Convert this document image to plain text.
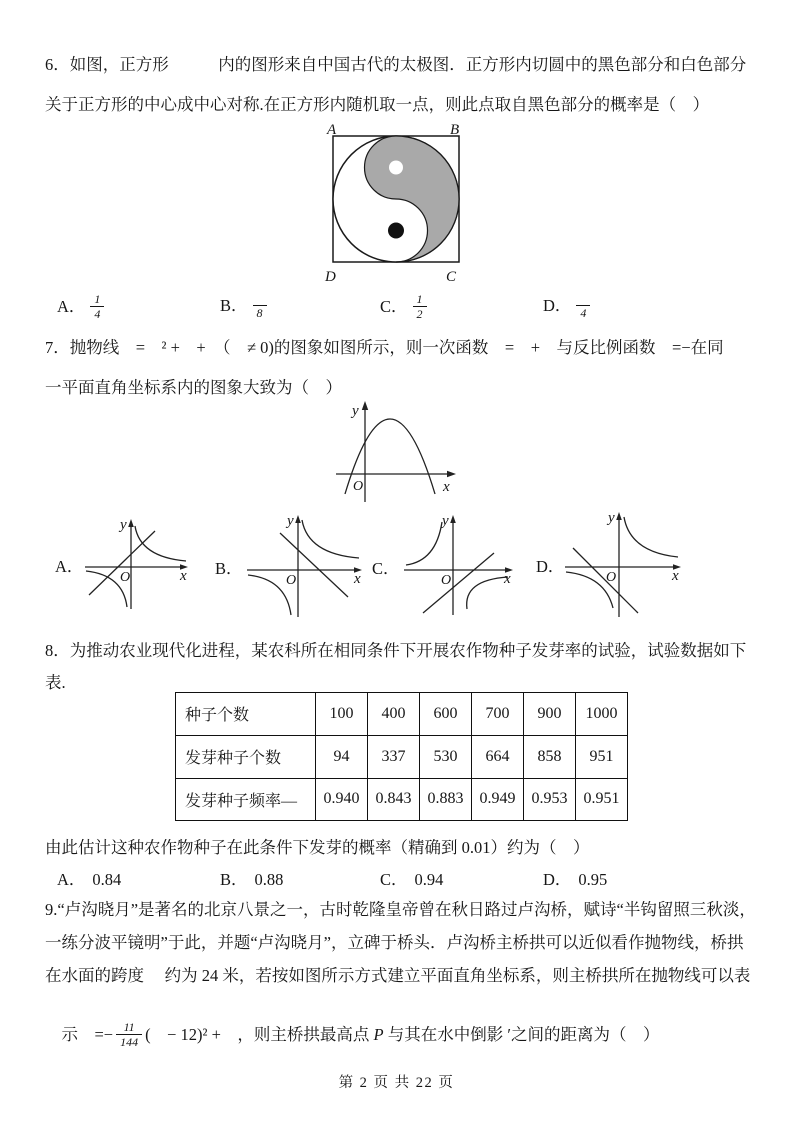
6．如图，正方形　　　内的图形来自中国古代的太极图．正方形内切圆中的黑色部分和白色部分
关于正方形的中心成中心对称.在正方形内随机取一点，则此点取自黑色部分的概率是（　）
A	B
D	C
A． $\frac{1}{4}$	B． 8	C． $\frac{1}{2}$	D． 4
7．抛物线　=　² +　+　（　≠ 0)的图象如图所示，则一次函数　=　+　与反比例函数　=−在同
一平面直角坐标系内的图象大致为（　）
y
x
O
A．
y
x
O	B．
y
x
O
C．
y
x
O
D．
y
x
O
8．为推动农业现代化进程，某农科所在相同条件下开展农作物种子发芽率的试验，试验数据如下
表.
种子个数	100	400	600	700	900	1000
发芽种子个数	94	337	530	664	858	951
发芽种子频率—	0.940	0.843	0.883	0.949	0.953	0.951
由此估计这种农作物种子在此条件下发芽的概率（精确到 0.01）约为（　）
A． 0.84	B． 0.88	C． 0.94	D． 0.95
9.“卢沟晓月”是著名的北京八景之一，古时乾隆皇帝曾在秋日路过卢沟桥，赋诗“半钩留照三秋淡，
一练分波平镜明”于此，并题“卢沟晓月”，立碑于桥头．卢沟桥主桥拱可以近似看作抛物线，桥拱
在水面的跨度　 约为 24 米，若按如图所示方式建立平面直角坐标系，则主桥拱所在抛物线可以表

示　=− $\frac{11}{144}$ (　− 12)² +　，则主桥拱最高点 P 与其在水中倒影 ′之间的距离为（　）

第 2 页 共 22 页
